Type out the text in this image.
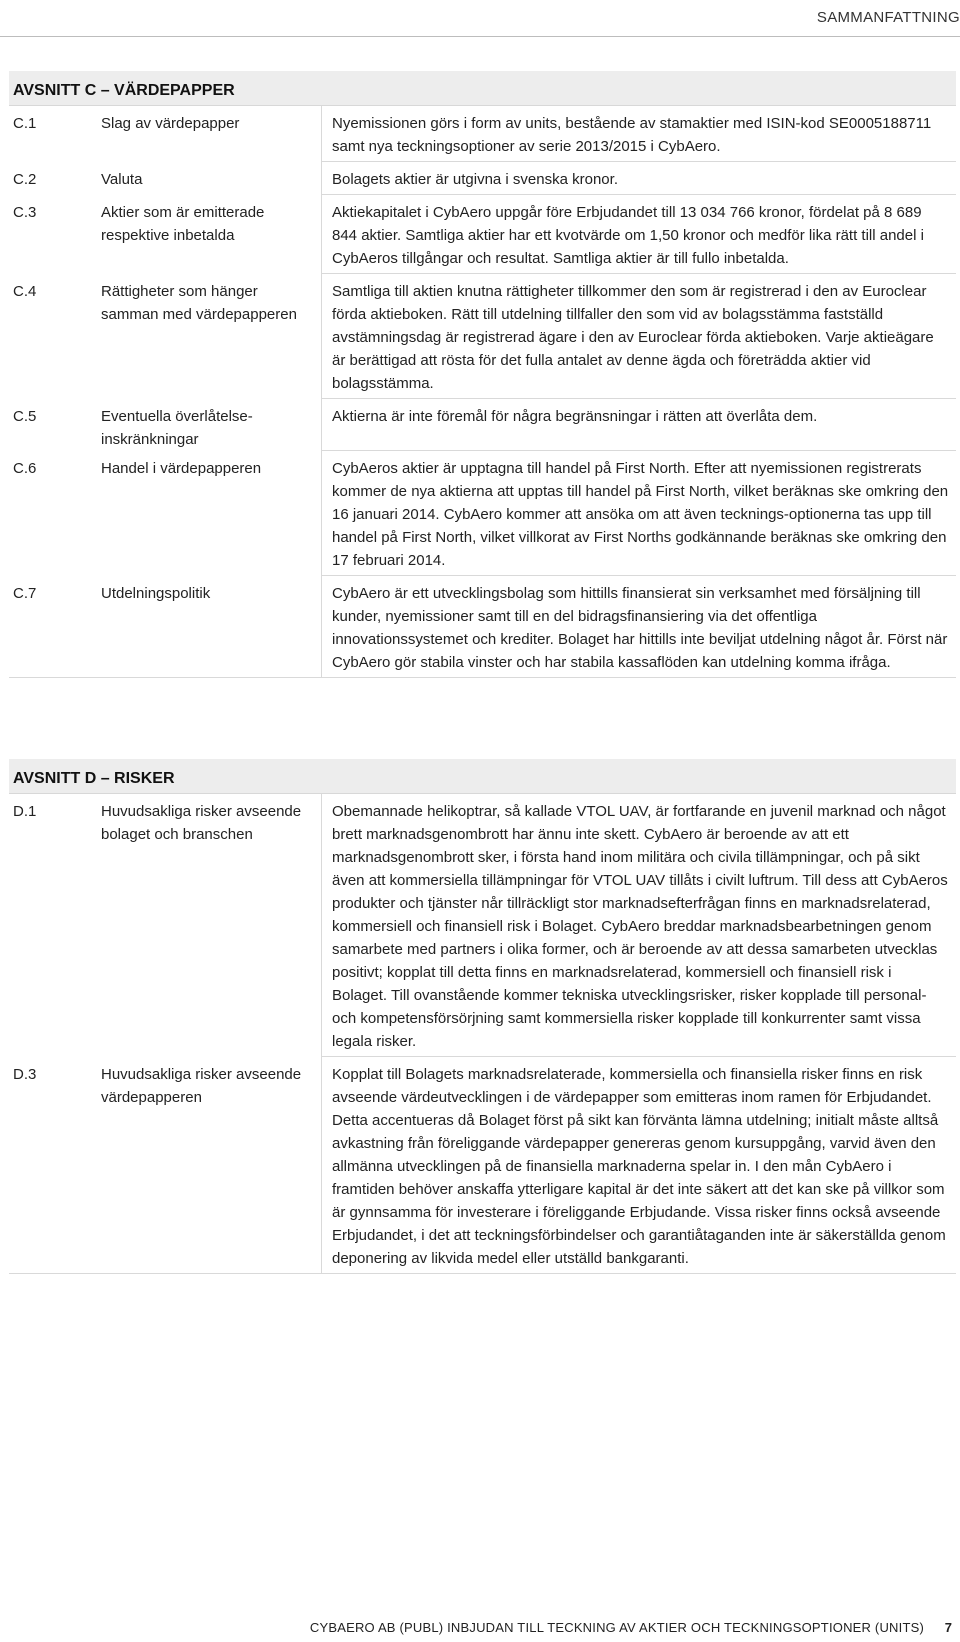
SAMMANFATTNING
AVSNITT C – VÄRDEPAPPER
C.1	Slag av värdepapper	Nyemissionen görs i form av units, bestående av stamaktier med ISIN-kod SE0005188711 samt nya teckningsoptioner av serie 2013/2015 i CybAero.
C.2	Valuta	Bolagets aktier är utgivna i svenska kronor.
C.3	Aktier som är emitterade respektive inbetalda	Aktiekapitalet i CybAero uppgår före Erbjudandet till 13 034 766 kronor, fördelat på 8 689 844 aktier. Samtliga aktier har ett kvotvärde om 1,50 kronor och medför lika rätt till andel i CybAeros tillgångar och resultat. Samtliga aktier är till fullo inbetalda.
C.4	Rättigheter som hänger samman med värdepapperen	Samtliga till aktien knutna rättigheter tillkommer den som är registrerad i den av Euroclear förda aktieboken. Rätt till utdelning tillfaller den som vid av bolagsstämma fastställd avstämningsdag är registrerad ägare i den av Euroclear förda aktieboken. Varje aktieägare är berättigad att rösta för det fulla antalet av denne ägda och företrädda aktier vid bolagsstämma.
C.5	Eventuella överlåtelseinskränkningar	Aktierna är inte föremål för några begränsningar i rätten att överlåta dem.
C.6	Handel i värdepapperen	CybAeros aktier är upptagna till handel på First North. Efter att nyemissionen registrerats kommer de nya aktierna att upptas till handel på First North, vilket beräknas ske omkring den 16 januari 2014. CybAero kommer att ansöka om att även tecknings-optionerna tas upp till handel på First North, vilket villkorat av First Norths godkännande beräknas ske omkring den 17 februari 2014.
C.7	Utdelningspolitik	CybAero är ett utvecklingsbolag som hittills finansierat sin verksamhet med försäljning till kunder, nyemissioner samt till en del bidragsfinansiering via det offentliga innovationssystemet och krediter. Bolaget har hittills inte beviljat utdelning något år. Först när CybAero gör stabila vinster och har stabila kassaflöden kan utdelning komma ifråga.
AVSNITT D – RISKER
D.1	Huvudsakliga risker avseende bolaget och branschen	Obemannade helikoptrar, så kallade VTOL UAV, är fortfarande en juvenil marknad och något brett marknadsgenombrott har ännu inte skett. CybAero är beroende av att ett marknadsgenombrott sker, i första hand inom militära och civila tillämpningar, och på sikt även att kommersiella tillämpningar för VTOL UAV tillåts i civilt luftrum. Till dess att CybAeros produkter och tjänster når tillräckligt stor marknadsefterfrågan finns en marknadsrelaterad, kommersiell och finansiell risk i Bolaget. CybAero breddar marknadsbearbetningen genom samarbete med partners i olika former, och är beroende av att dessa samarbeten utvecklas positivt; kopplat till detta finns en marknadsrelaterad, kommersiell och finansiell risk i Bolaget. Till ovanstående kommer tekniska utvecklingsrisker, risker kopplade till personal- och kompetensförsörjning samt kommersiella risker kopplade till konkurrenter samt vissa legala risker.
D.3	Huvudsakliga risker avseende värdepapperen	Kopplat till Bolagets marknadsrelaterade, kommersiella och finansiella risker finns en risk avseende värdeutvecklingen i de värdepapper som emitteras inom ramen för Erbjudandet. Detta accentueras då Bolaget först på sikt kan förvänta lämna utdelning; initialt måste alltså avkastning från föreliggande värdepapper genereras genom kursuppgång, varvid även den allmänna utvecklingen på de finansiella marknaderna spelar in. I den mån CybAero i framtiden behöver anskaffa ytterligare kapital är det inte säkert att det kan ske på villkor som är gynnsamma för investerare i föreliggande Erbjudande. Vissa risker finns också avseende Erbjudandet, i det att teckningsförbindelser och garantiåtaganden inte är säkerställda genom deponering av likvida medel eller utställd bankgaranti.
CYBAERO AB (PUBL) INBJUDAN TILL TECKNING AV AKTIER OCH TECKNINGSOPTIONER (UNITS) 7
